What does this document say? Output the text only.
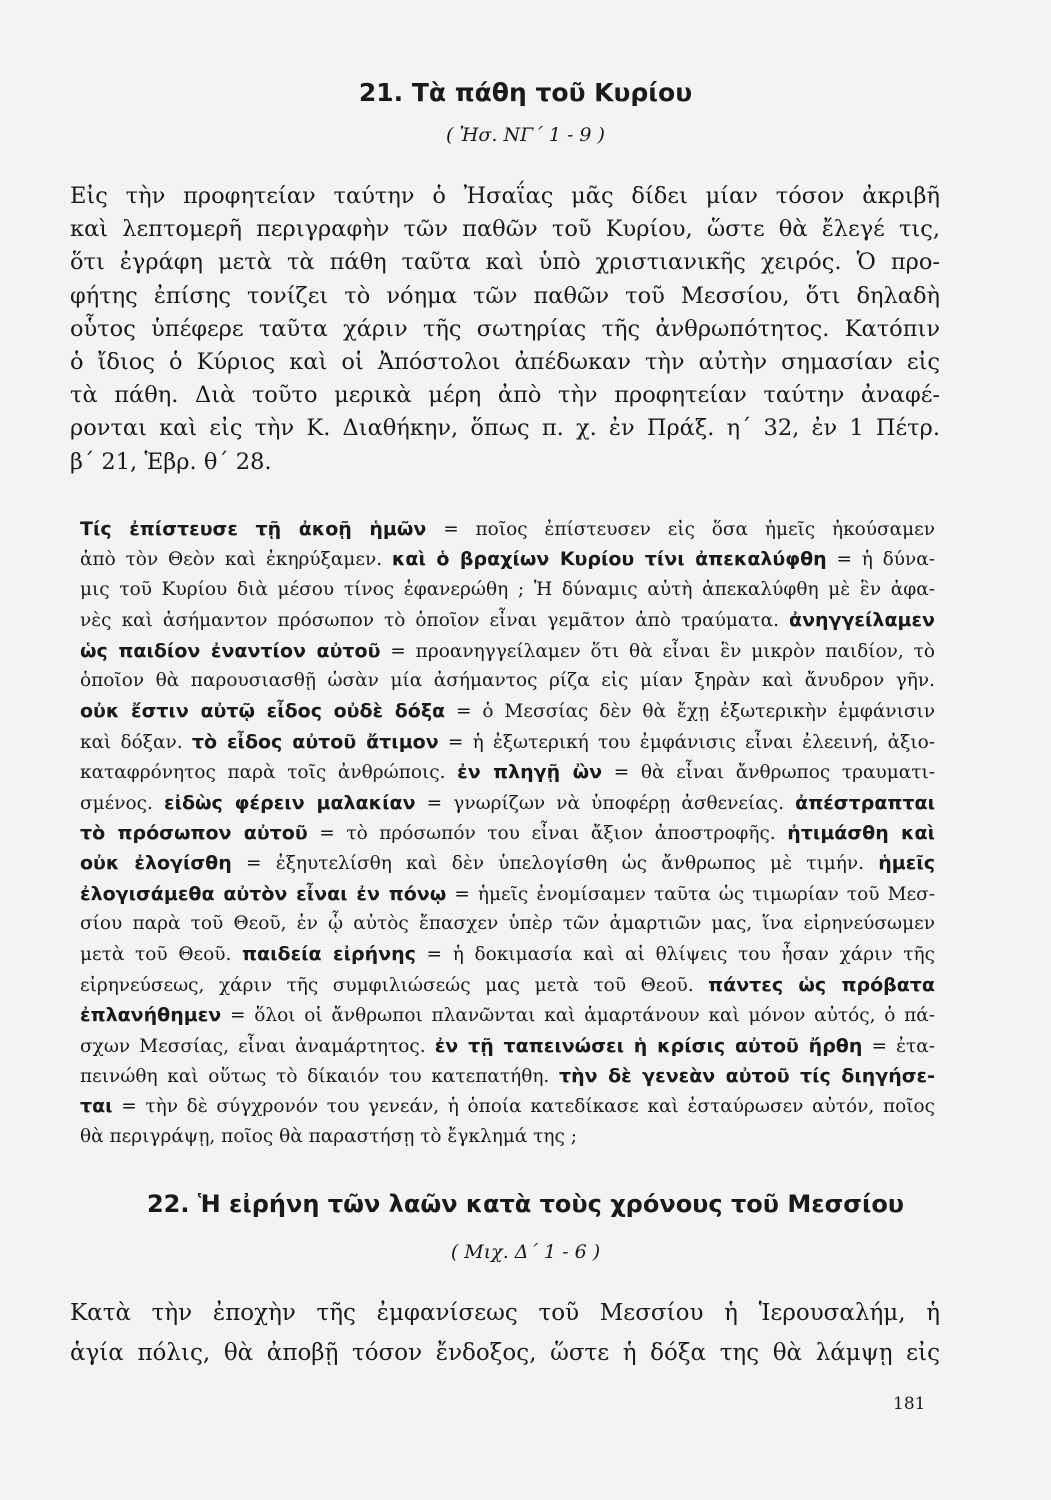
21. Τὰ πάθη τοῦ Κυρίου
( Ἠσ. ΝΓ΄ 1 - 9 )
Εἰς τὴν προφητείαν ταύτην ὁ Ἠσαΐας μᾶς δίδει μίαν τόσον ἀκριβῆ
καὶ λεπτομερῆ περιγραφὴν τῶν παθῶν τοῦ Κυρίου, ὥστε θὰ ἔλεγέ τις,
ὅτι ἐγράφη μετὰ τὰ πάθη ταῦτα καὶ ὑπὸ χριστιανικῆς χειρός. Ὁ προ-
φήτης ἐπίσης τονίζει τὸ νόημα τῶν παθῶν τοῦ Μεσσίου, ὅτι δηλαδὴ
οὗτος ὑπέφερε ταῦτα χάριν τῆς σωτηρίας τῆς ἀνθρωπότητος. Κατόπιν
ὁ ἴδιος ὁ Κύριος καὶ οἱ Ἀπόστολοι ἀπέδωκαν τὴν αὐτὴν σημασίαν εἰς
τὰ πάθη. Διὰ τοῦτο μερικὰ μέρη ἀπὸ τὴν προφητείαν ταύτην ἀναφέ-
ρονται καὶ εἰς τὴν Κ. Διαθήκην, ὅπως π. χ. ἐν Πράξ. η΄ 32, ἐν 1 Πέτρ.
β΄ 21, Ἑβρ. θ΄ 28.
Τίς ἐπίστευσε τῇ ἀκοῇ ἡμῶν = ποῖος ἐπίστευσεν εἰς ὅσα ἡμεῖς ἠκούσαμεν
ἀπὸ τὸν Θεὸν καὶ ἐκηρύξαμεν. καὶ ὁ βραχίων Κυρίου τίνι ἀπεκαλύφθη = ἡ δύνα-
μις τοῦ Κυρίου διὰ μέσου τίνος ἐφανερώθη ; Ἡ δύναμις αὐτὴ ἀπεκαλύφθη μὲ ἓν ἀφα-
νὲς καὶ ἀσήμαντον πρόσωπον τὸ ὁποῖον εἶναι γεμᾶτον ἀπὸ τραύματα. ἀνηγγείλαμεν
ὡς παιδίον ἐναντίον αὐτοῦ = προανηγγείλαμεν ὅτι θὰ εἶναι ἓν μικρὸν παιδίον, τὸ
ὁποῖον θὰ παρουσιασθῇ ὡσὰν μία ἀσήμαντος ρίζα εἰς μίαν ξηρὰν καὶ ἄνυδρον γῆν.
οὐκ ἔστιν αὐτῷ εἶδος οὐδὲ δόξα = ὁ Μεσσίας δὲν θὰ ἔχῃ ἐξωτερικὴν ἐμφάνισιν
καὶ δόξαν. τὸ εἶδος αὐτοῦ ἄτιμον = ἡ ἐξωτερική του ἐμφάνισις εἶναι ἐλεεινή, ἀξιο-
καταφρόνητος παρὰ τοῖς ἀνθρώποις. ἐν πληγῇ ὢν = θὰ εἶναι ἄνθρωπος τραυματι-
σμένος. εἰδὼς φέρειν μαλακίαν = γνωρίζων νὰ ὑποφέρῃ ἀσθενείας. ἀπέστραπται
τὸ πρόσωπον αὐτοῦ = τὸ πρόσωπόν του εἶναι ἄξιον ἀποστροφῆς. ἠτιμάσθη καὶ
οὐκ ἐλογίσθη = ἐξηυτελίσθη καὶ δὲν ὑπελογίσθη ὡς ἄνθρωπος μὲ τιμήν. ἡμεῖς
ἐλογισάμεθα αὐτὸν εἶναι ἐν πόνῳ = ἡμεῖς ἐνομίσαμεν ταῦτα ὡς τιμωρίαν τοῦ Μεσ-
σίου παρὰ τοῦ Θεοῦ, ἐν ᾧ αὐτὸς ἔπασχεν ὑπὲρ τῶν ἁμαρτιῶν μας, ἵνα εἰρηνεύσωμεν
μετὰ τοῦ Θεοῦ. παιδεία εἰρήνης = ἡ δοκιμασία καὶ αἱ θλίψεις του ἦσαν χάριν τῆς
εἰρηνεύσεως, χάριν τῆς συμφιλιώσεώς μας μετὰ τοῦ Θεοῦ. πάντες ὡς πρόβατα
ἐπλανήθημεν = ὅλοι οἱ ἄνθρωποι πλανῶνται καὶ ἁμαρτάνουν καὶ μόνον αὐτός, ὁ πά-
σχων Μεσσίας, εἶναι ἀναμάρτητος. ἐν τῇ ταπεινώσει ἡ κρίσις αὐτοῦ ἤρθη = ἐτα-
πεινώθη καὶ οὕτως τὸ δίκαιόν του κατεπατήθη. τὴν δὲ γενεὰν αὐτοῦ τίς διηγήσε-
ται = τὴν δὲ σύγχρονόν του γενεάν, ἡ ὁποία κατεδίκασε καὶ ἐσταύρωσεν αὐτόν, ποῖος
θὰ περιγράψῃ, ποῖος θὰ παραστήσῃ τὸ ἔγκλημά της ;
22. Ἡ εἰρήνη τῶν λαῶν κατὰ τοὺς χρόνους τοῦ Μεσσίου
( Μιχ. Δ΄ 1 - 6 )
Κατὰ τὴν ἐποχὴν τῆς ἐμφανίσεως τοῦ Μεσσίου ἡ Ἱερουσαλήμ, ἡ
ἁγία πόλις, θὰ ἀποβῇ τόσον ἔνδοξος, ὥστε ἡ δόξα της θὰ λάμψῃ εἰς
181
